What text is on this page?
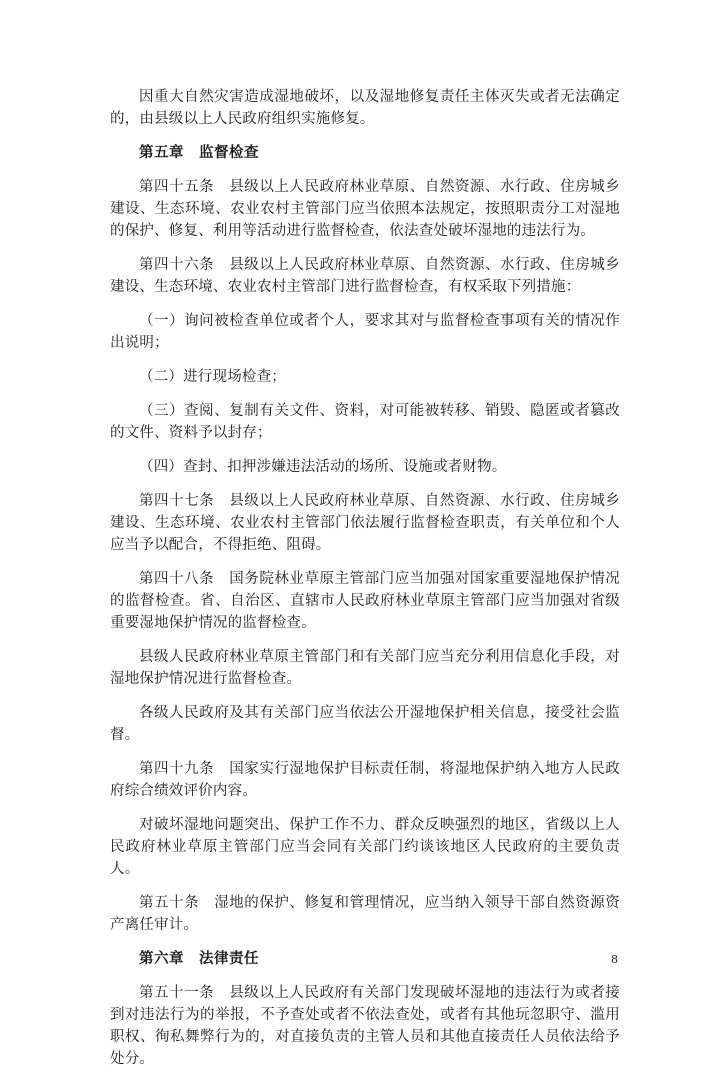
因重大自然灾害造成湿地破坏，以及湿地修复责任主体灭失或者无法确定的，由县级以上人民政府组织实施修复。

第五章　监督检查

第四十五条　县级以上人民政府林业草原、自然资源、水行政、住房城乡建设、生态环境、农业农村主管部门应当依照本法规定，按照职责分工对湿地的保护、修复、利用等活动进行监督检查，依法查处破坏湿地的违法行为。

第四十六条　县级以上人民政府林业草原、自然资源、水行政、住房城乡建设、生态环境、农业农村主管部门进行监督检查，有权采取下列措施：

（一）询问被检查单位或者个人，要求其对与监督检查事项有关的情况作出说明；

（二）进行现场检查；

（三）查阅、复制有关文件、资料，对可能被转移、销毁、隐匿或者篡改的文件、资料予以封存；

（四）查封、扣押涉嫌违法活动的场所、设施或者财物。

第四十七条　县级以上人民政府林业草原、自然资源、水行政、住房城乡建设、生态环境、农业农村主管部门依法履行监督检查职责，有关单位和个人应当予以配合，不得拒绝、阻碍。

第四十八条　国务院林业草原主管部门应当加强对国家重要湿地保护情况的监督检查。省、自治区、直辖市人民政府林业草原主管部门应当加强对省级重要湿地保护情况的监督检查。

县级人民政府林业草原主管部门和有关部门应当充分利用信息化手段，对湿地保护情况进行监督检查。

各级人民政府及其有关部门应当依法公开湿地保护相关信息，接受社会监督。

第四十九条　国家实行湿地保护目标责任制，将湿地保护纳入地方人民政府综合绩效评价内容。

对破坏湿地问题突出、保护工作不力、群众反映强烈的地区，省级以上人民政府林业草原主管部门应当会同有关部门约谈该地区人民政府的主要负责人。

第五十条　湿地的保护、修复和管理情况，应当纳入领导干部自然资源资产离任审计。

第六章　法律责任

第五十一条　县级以上人民政府有关部门发现破坏湿地的违法行为或者接到对违法行为的举报，不予查处或者不依法查处，或者有其他玩忽职守、滥用职权、徇私舞弊行为的，对直接负责的主管人员和其他直接责任人员依法给予处分。

8
